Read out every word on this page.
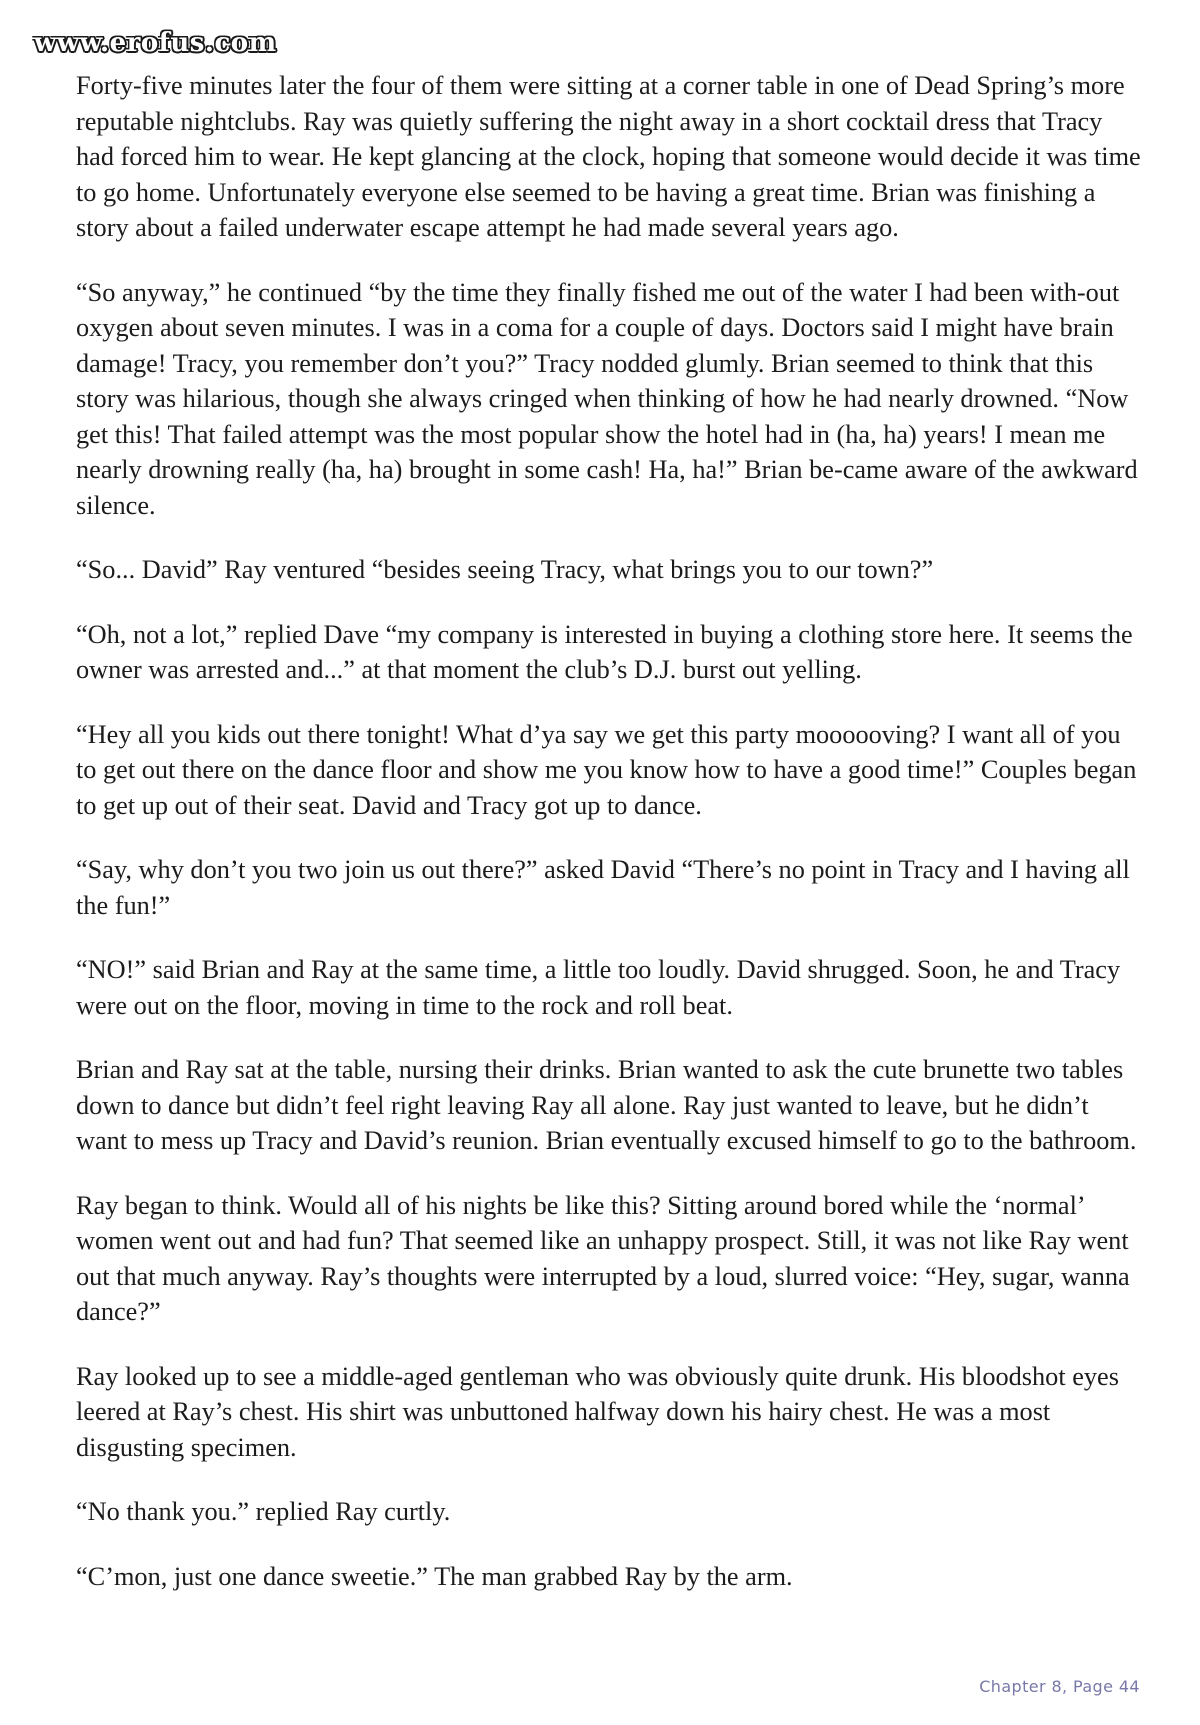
www.erofus.com

Forty-five minutes later the four of them were sitting at a corner table in one of Dead Spring’s more reputable nightclubs. Ray was quietly suffering the night away in a short cocktail dress that Tracy had forced him to wear. He kept glancing at the clock, hoping that someone would decide it was time to go home. Unfortunately everyone else seemed to be having a great time. Brian was finishing a story about a failed underwater escape attempt he had made several years ago.

“So anyway,” he continued “by the time they finally fished me out of the water I had been with-out oxygen about seven minutes. I was in a coma for a couple of days. Doctors said I might have brain damage! Tracy, you remember don’t you?” Tracy nodded glumly. Brian seemed to think that this story was hilarious, though she always cringed when thinking of how he had nearly drowned. “Now get this! That failed attempt was the most popular show the hotel had in (ha, ha) years! I mean me nearly drowning really (ha, ha) brought in some cash! Ha, ha!” Brian be-came aware of the awkward silence.

“So... David” Ray ventured “besides seeing Tracy, what brings you to our town?”

“Oh, not a lot,” replied Dave “my company is interested in buying a clothing store here. It seems the owner was arrested and...” at that moment the club’s D.J. burst out yelling.

“Hey all you kids out there tonight! What d’ya say we get this party moooooving? I want all of you to get out there on the dance floor and show me you know how to have a good time!” Couples began to get up out of their seat. David and Tracy got up to dance.

“Say, why don’t you two join us out there?” asked David “There’s no point in Tracy and I having all the fun!”

“NO!” said Brian and Ray at the same time, a little too loudly. David shrugged. Soon, he and Tracy were out on the floor, moving in time to the rock and roll beat.

Brian and Ray sat at the table, nursing their drinks. Brian wanted to ask the cute brunette two tables down to dance but didn’t feel right leaving Ray all alone. Ray just wanted to leave, but he didn’t want to mess up Tracy and David’s reunion. Brian eventually excused himself to go to the bathroom.

Ray began to think. Would all of his nights be like this? Sitting around bored while the ‘normal’ women went out and had fun? That seemed like an unhappy prospect. Still, it was not like Ray went out that much anyway. Ray’s thoughts were interrupted by a loud, slurred voice: “Hey, sugar, wanna dance?”

Ray looked up to see a middle-aged gentleman who was obviously quite drunk. His bloodshot eyes leered at Ray’s chest. His shirt was unbuttoned halfway down his hairy chest. He was a most disgusting specimen.

“No thank you.” replied Ray curtly.

“C’mon, just one dance sweetie.” The man grabbed Ray by the arm.

Chapter 8, Page 44
